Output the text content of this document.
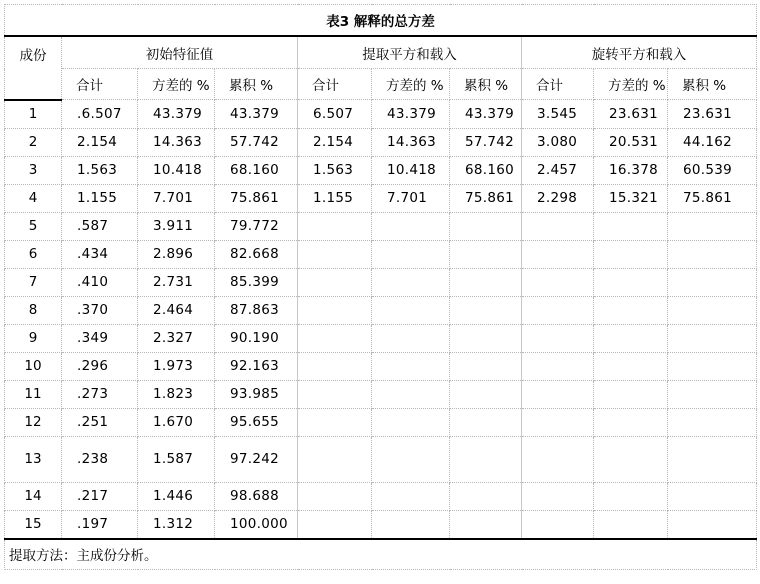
表3 解释的总方差									
成份	初始特征值			提取平方和载入			旋转平方和载入		
	合计	方差的 %	累积 %	合计	方差的 %	累积 %	合计	方差的 %	累积 %
1	.6.507	43.379	43.379	6.507	43.379	43.379	3.545	23.631	23.631
2	2.154	14.363	57.742	2.154	14.363	57.742	3.080	20.531	44.162
3	1.563	10.418	68.160	1.563	10.418	68.160	2.457	16.378	60.539
4	1.155	7.701	75.861	1.155	7.701	75.861	2.298	15.321	75.861
5	.587	3.911	79.772						
6	.434	2.896	82.668						
7	.410	2.731	85.399						
8	.370	2.464	87.863						
9	.349	2.327	90.190						
10	.296	1.973	92.163						
11	.273	1.823	93.985						
12	.251	1.670	95.655						
13	.238	1.587	97.242						
14	.217	1.446	98.688						
15	.197	1.312	100.000						
提取方法：主成份分析。									
